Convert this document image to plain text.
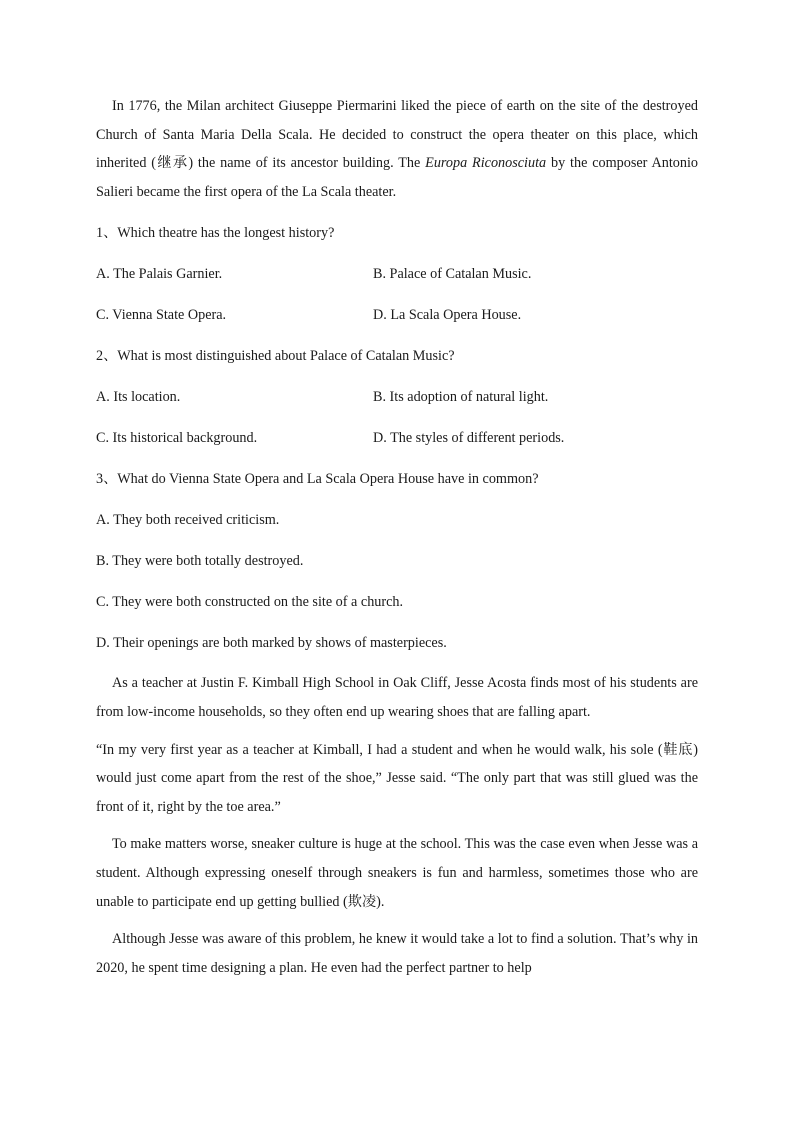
In 1776, the Milan architect Giuseppe Piermarini liked the piece of earth on the site of the destroyed Church of Santa Maria Della Scala. He decided to construct the opera theater on this place, which inherited (继承) the name of its ancestor building. The Europa Riconosciuta by the composer Antonio Salieri became the first opera of the La Scala theater.

1、Which theatre has the longest history?

A. The Palais Garnier.	B. Palace of Catalan Music.
C. Vienna State Opera.	D. La Scala Opera House.

2、What is most distinguished about Palace of Catalan Music?

A. Its location.	B. Its adoption of natural light.
C. Its historical background.	D. The styles of different periods.

3、What do Vienna State Opera and La Scala Opera House have in common?

A. They both received criticism.

B. They were both totally destroyed.

C. They were both constructed on the site of a church.

D. Their openings are both marked by shows of masterpieces.

As a teacher at Justin F. Kimball High School in Oak Cliff, Jesse Acosta finds most of his students are from low-income households, so they often end up wearing shoes that are falling apart.

“In my very first year as a teacher at Kimball, I had a student and when he would walk, his sole (鞋底) would just come apart from the rest of the shoe,” Jesse said. “The only part that was still glued was the front of it, right by the toe area.”

To make matters worse, sneaker culture is huge at the school. This was the case even when Jesse was a student. Although expressing oneself through sneakers is fun and harmless, sometimes those who are unable to participate end up getting bullied (欺凌).

Although Jesse was aware of this problem, he knew it would take a lot to find a solution. That’s why in 2020, he spent time designing a plan. He even had the perfect partner to help
